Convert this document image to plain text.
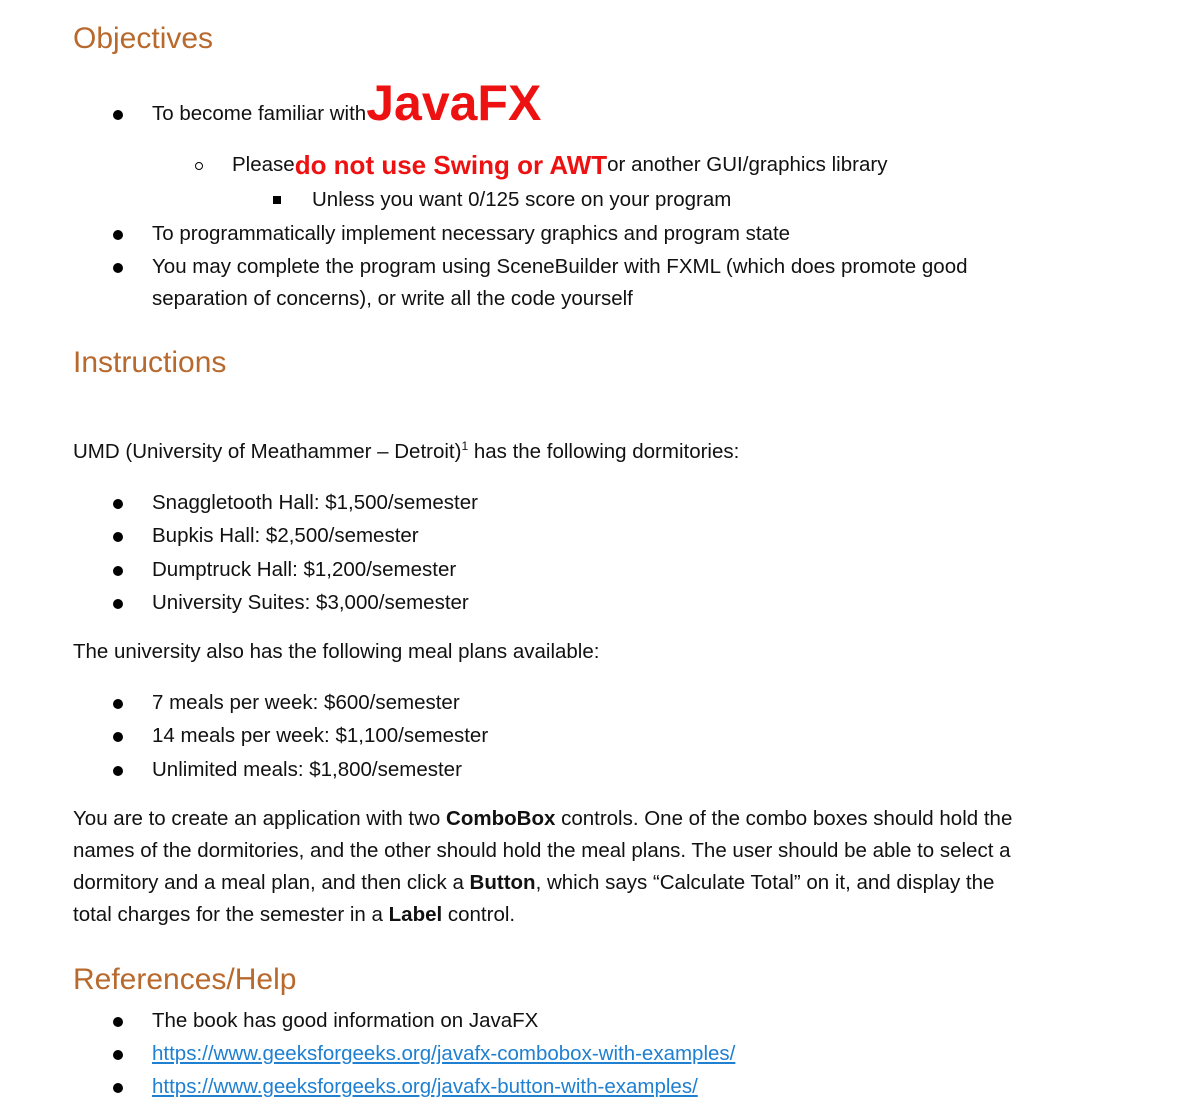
Objectives
To become familiar with JavaFX
Please do not use Swing or AWT or another GUI/graphics library
Unless you want 0/125 score on your program
To programmatically implement necessary graphics and program state
You may complete the program using SceneBuilder with FXML (which does promote good
separation of concerns), or write all the code yourself
Instructions
UMD (University of Meathammer – Detroit)$^1$ has the following dormitories:
Snaggletooth Hall: $1,500/semester
Bupkis Hall: $2,500/semester
Dumptruck Hall: $1,200/semester
University Suites: $3,000/semester
The university also has the following meal plans available:
7 meals per week: $600/semester
14 meals per week: $1,100/semester
Unlimited meals: $1,800/semester
You are to create an application with two ComboBox controls. One of the combo boxes should hold the
names of the dormitories, and the other should hold the meal plans. The user should be able to select a
dormitory and a meal plan, and then click a Button, which says “Calculate Total” on it, and display the
total charges for the semester in a Label control.
References/Help
The book has good information on JavaFX
https://www.geeksforgeeks.org/javafx-combobox-with-examples/
https://www.geeksforgeeks.org/javafx-button-with-examples/
